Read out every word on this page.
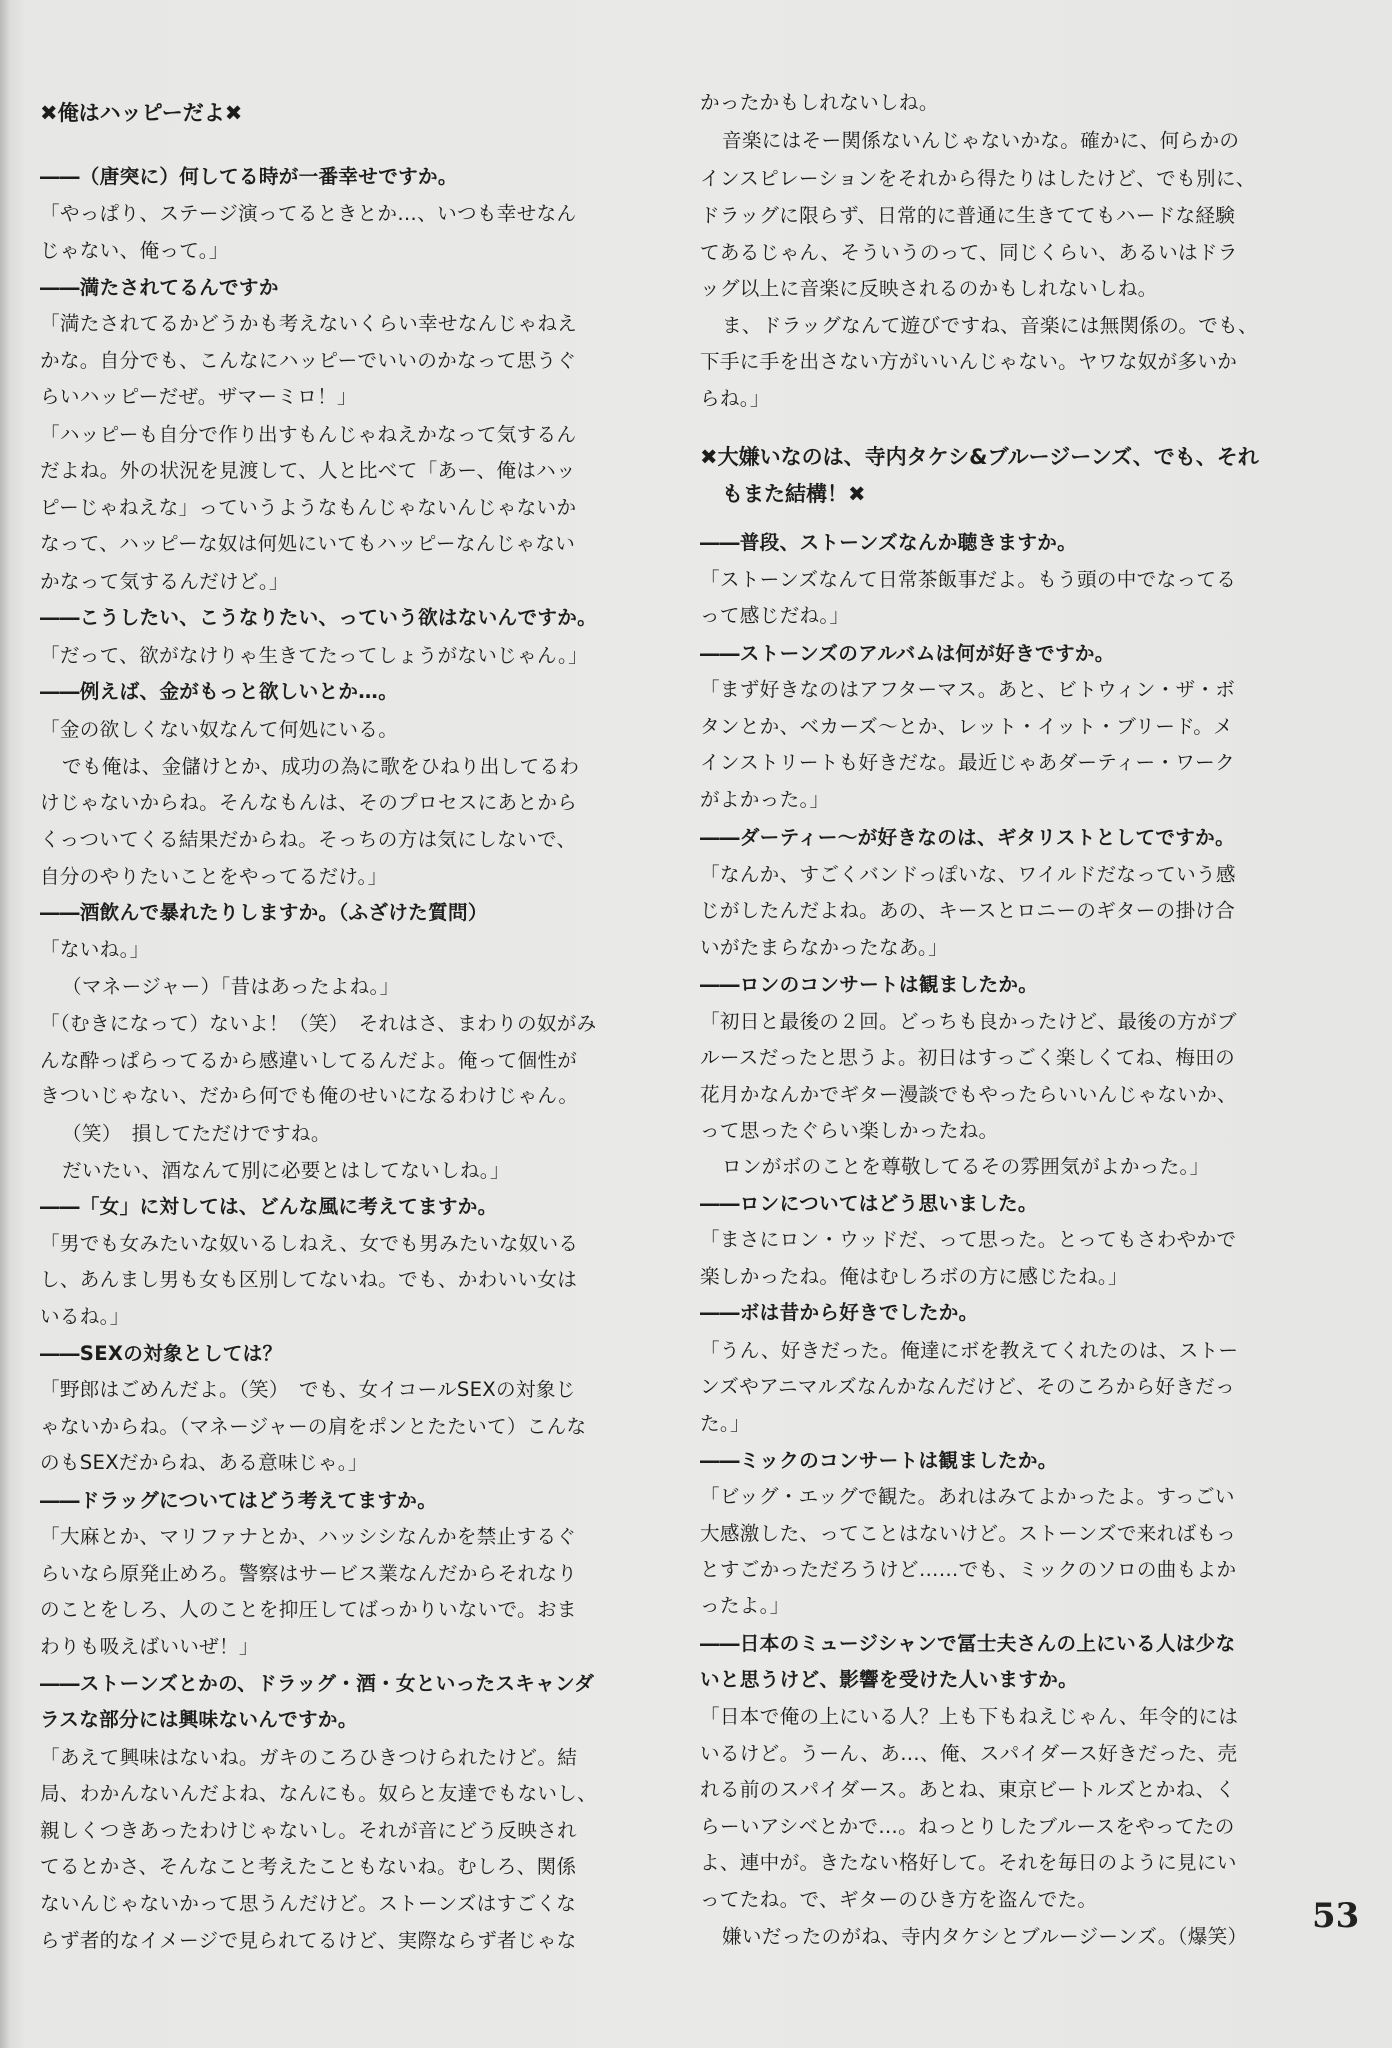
✖俺はハッピーだよ✖
――（唐突に）何してる時が一番幸せですか。
「やっぱり、ステージ演ってるときとか…、いつも幸せなん
じゃない、俺って。」
――満たされてるんですか
「満たされてるかどうかも考えないくらい幸せなんじゃねえ
かな。自分でも、こんなにハッピーでいいのかなって思うぐ
らいハッピーだぜ。ザマーミロ！」
「ハッピーも自分で作り出すもんじゃねえかなって気するん
だよね。外の状況を見渡して、人と比べて「あー、俺はハッ
ピーじゃねえな」っていうようなもんじゃないんじゃないか
なって、ハッピーな奴は何処にいてもハッピーなんじゃない
かなって気するんだけど。」
――こうしたい、こうなりたい、っていう欲はないんですか。
「だって、欲がなけりゃ生きてたってしょうがないじゃん。」
――例えば、金がもっと欲しいとか…。
「金の欲しくない奴なんて何処にいる。
でも俺は、金儲けとか、成功の為に歌をひねり出してるわ
けじゃないからね。そんなもんは、そのプロセスにあとから
くっついてくる結果だからね。そっちの方は気にしないで、
自分のやりたいことをやってるだけ。」
――酒飲んで暴れたりしますか。（ふざけた質問）
「ないね。」
（マネージャー）「昔はあったよね。」
「（むきになって）ないよ！（笑）　それはさ、まわりの奴がみ
んな酔っぱらってるから感違いしてるんだよ。俺って個性が
きついじゃない、だから何でも俺のせいになるわけじゃん。
（笑）　損してただけですね。
だいたい、酒なんて別に必要とはしてないしね。」
――「女」に対しては、どんな風に考えてますか。
「男でも女みたいな奴いるしねえ、女でも男みたいな奴いる
し、あんまし男も女も区別してないね。でも、かわいい女は
いるね。」
――SEXの対象としては？
「野郎はごめんだよ。（笑）　でも、女イコールSEXの対象じ
ゃないからね。（マネージャーの肩をポンとたたいて）こんな
のもSEXだからね、ある意味じゃ。」
――ドラッグについてはどう考えてますか。
「大麻とか、マリファナとか、ハッシシなんかを禁止するぐ
らいなら原発止めろ。警察はサービス業なんだからそれなり
のことをしろ、人のことを抑圧してばっかりいないで。おま
わりも吸えばいいぜ！」
――ストーンズとかの、ドラッグ・酒・女といったスキャンダ
ラスな部分には興味ないんですか。
「あえて興味はないね。ガキのころひきつけられたけど。結
局、わかんないんだよね、なんにも。奴らと友達でもないし、
親しくつきあったわけじゃないし。それが音にどう反映され
てるとかさ、そんなこと考えたこともないね。むしろ、関係
ないんじゃないかって思うんだけど。ストーンズはすごくな
らず者的なイメージで見られてるけど、実際ならず者じゃな
かったかもしれないしね。
音楽にはそー関係ないんじゃないかな。確かに、何らかの
インスピレーションをそれから得たりはしたけど、でも別に、
ドラッグに限らず、日常的に普通に生きててもハードな経験
てあるじゃん、そういうのって、同じくらい、あるいはドラ
ッグ以上に音楽に反映されるのかもしれないしね。
ま、ドラッグなんて遊びですね、音楽には無関係の。でも、
下手に手を出さない方がいいんじゃない。ヤワな奴が多いか
らね。」
✖大嫌いなのは、寺内タケシ&ブルージーンズ、でも、それ
もまた結構！✖
――普段、ストーンズなんか聴きますか。
「ストーンズなんて日常茶飯事だよ。もう頭の中でなってる
って感じだね。」
――ストーンズのアルバムは何が好きですか。
「まず好きなのはアフターマス。あと、ビトウィン・ザ・ボ
タンとか、ベカーズ～とか、レット・イット・ブリード。メ
インストリートも好きだな。最近じゃあダーティー・ワーク
がよかった。」
――ダーティー～が好きなのは、ギタリストとしてですか。
「なんか、すごくバンドっぽいな、ワイルドだなっていう感
じがしたんだよね。あの、キースとロニーのギターの掛け合
いがたまらなかったなあ。」
――ロンのコンサートは観ましたか。
「初日と最後の２回。どっちも良かったけど、最後の方がブ
ルースだったと思うよ。初日はすっごく楽しくてね、梅田の
花月かなんかでギター漫談でもやったらいいんじゃないか、
って思ったぐらい楽しかったね。
ロンがボのことを尊敬してるその雰囲気がよかった。」
――ロンについてはどう思いました。
「まさにロン・ウッドだ、って思った。とってもさわやかで
楽しかったね。俺はむしろボの方に感じたね。」
――ボは昔から好きでしたか。
「うん、好きだった。俺達にボを教えてくれたのは、ストー
ンズやアニマルズなんかなんだけど、そのころから好きだっ
た。」
――ミックのコンサートは観ましたか。
「ビッグ・エッグで観た。あれはみてよかったよ。すっごい
大感激した、ってことはないけど。ストーンズで来ればもっ
とすごかっただろうけど……でも、ミックのソロの曲もよか
ったよ。」
――日本のミュージシャンで冨士夫さんの上にいる人は少な
いと思うけど、影響を受けた人いますか。
「日本で俺の上にいる人？上も下もねえじゃん、年令的には
いるけど。うーん、あ…、俺、スパイダース好きだった、売
れる前のスパイダース。あとね、東京ビートルズとかね、く
らーいアシベとかで…。ねっとりしたブルースをやってたの
よ、連中が。きたない格好して。それを毎日のように見にい
ってたね。で、ギターのひき方を盗んでた。
嫌いだったのがね、寺内タケシとブルージーンズ。（爆笑）
53
